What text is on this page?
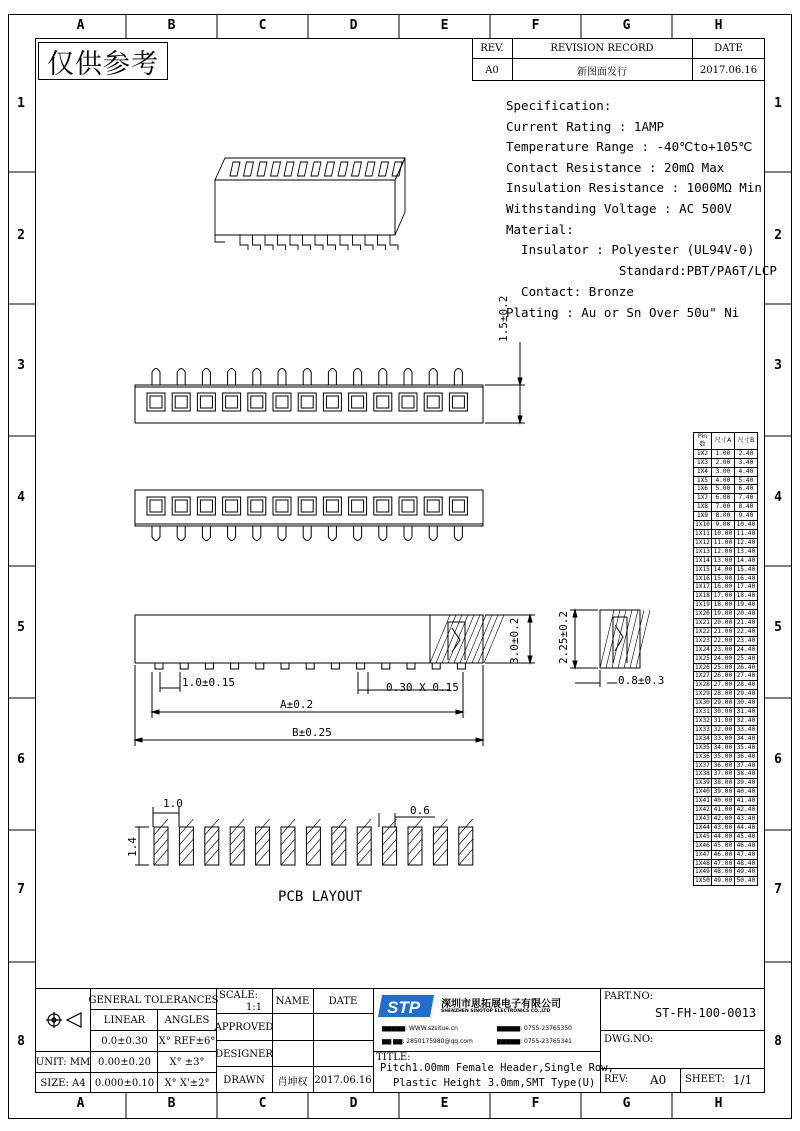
A	B	C	D	E	F	G	H
A	B	C	D	E	F	G	H
1
2
3
4
5
6
7
8
1
2
3
4
5
6
7
8
仅供参考	REV.	REVISION RECORD	DATE
A0	新图面发行	2017.06.16
Specification:
Current Rating : 1AMP
Temperature Range : -40℃to+105℃
Contact Resistance : 20mΩ Max
Insulation Resistance : 1000MΩ Min
Withstanding Voltage : AC 500V
Material:
Insulator : Polyester (UL94V-0)
Standard:PBT/PA6T/LCP
Contact: Bronze
Plating : Au or Sn Over 50u" Ni
1.5±0.2
1.0±0.15	0.30 X 0.15
A±0.2
B±0.25
3.0±0.2	2.25±0.2
0.8±0.3
1.0
0.6
1.4
PCB LAYOUT
Pin数	尺寸A	尺寸B
1X2	1.00	2.40
1X3	2.00	3.40
1X4	3.00	4.40
1X5	4.00	5.40
1X6	5.00	6.40
1X7	6.00	7.40
1X8	7.00	8.40
1X9	8.00	9.40
1X10	9.00	10.40
1X11	10.00	11.40
1X12	11.00	12.40
1X13	12.00	13.40
1X14	13.00	14.40
1X15	14.00	15.40
1X16	15.00	16.40
1X17	16.00	17.40
1X18	17.00	18.40
1X19	18.00	19.40
1X20	19.00	20.40
1X21	20.00	21.40
1X22	21.00	22.40
1X23	22.00	23.40
1X24	23.00	24.40
1X25	24.00	25.40
1X26	25.00	26.40
1X27	26.00	27.40
1X28	27.00	28.40
1X29	28.00	29.40
1X30	29.00	30.40
1X31	30.00	31.40
1X32	31.00	32.40
1X33	32.00	33.40
1X34	33.00	34.40
1X35	34.00	35.40
1X36	35.00	36.40
1X37	36.00	37.40
1X38	37.00	38.40
1X39	38.00	39.40
1X40	39.00	40.40
1X41	40.00	41.40
1X42	41.00	42.40
1X43	42.00	43.40
1X44	43.00	44.40
1X45	44.00	45.40
1X46	45.00	46.40
1X47	46.00	47.40
1X48	47.00	48.40
1X49	48.00	49.40
1X50	49.00	50.40
GENERAL TOLERANCES
LINEAR	ANGLES
0.0±0.30	X° REF±6°
0.00±0.20	X° ±3°
0.000±0.10	X° X'±2°
UNIT: MM
SIZE: A4
SCALE:
1:1
NAME	DATE
APPROVED
DESIGNER
DRAWN	肖坤权 2017.06.16
STP 深圳市思拓展电子有限公司
SHENZHEN SINOTOP ELECTRONICS CO.,LTD
▆▆▆▆▆: WWW.szsitue.cn
▆▆ ▆▆: 2850175980@qq.com
▆▆▆▆▆: 0755-23765350
▆▆▆▆▆: 0755-23765341
TITLE:
Pitch1.00mm Female Header,Single Row,
Plastic Height 3.0mm,SMT Type(U)
PART.NO:
ST-FH-100-0013
DWG.NO:
REV: A0 SHEET: 1/1
